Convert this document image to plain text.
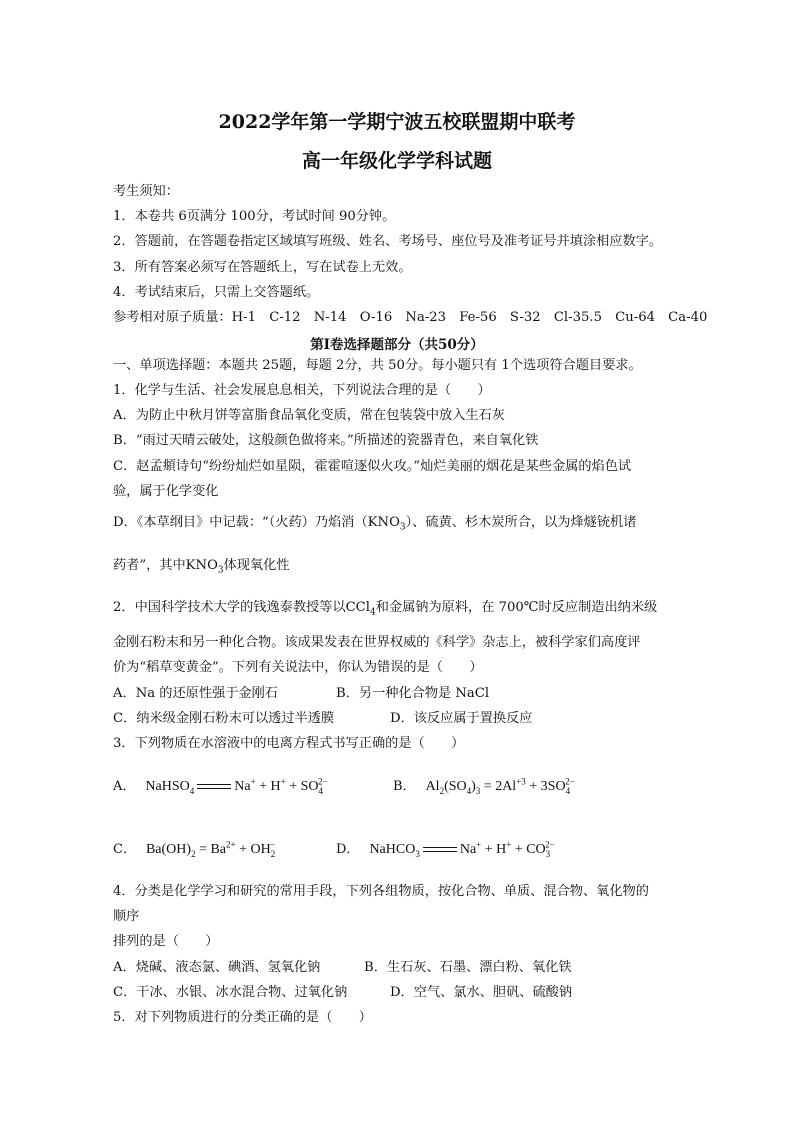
2022学年第一学期宁波五校联盟期中联考
高一年级化学学科试题
考生须知：
1．本卷共 6页满分 100分，考试时间 90分钟。
2．答题前，在答题卷指定区域填写班级、姓名、考场号、座位号及准考证号并填涂相应数字。
3．所有答案必须写在答题纸上，写在试卷上无效。
4．考试结束后，只需上交答题纸。
参考相对原子质量：H-1　C-12　N-14　O-16　Na-23　Fe-56　S-32　Cl-35.5　Cu-64　Ca-40
第Ⅰ卷选择题部分（共50分）
一、单项选择题：本题共 25题，每题 2分，共 50分。每小题只有 1个选项符合题目要求。
1．化学与生活、社会发展息息相关，下列说法合理的是（　　）
A．为防止中秋月饼等富脂食品氧化变质，常在包装袋中放入生石灰
B．“雨过天晴云破处，这般颜色做将来。”所描述的瓷器青色，来自氧化铁
C．赵孟頫诗句“纷纷灿烂如星陨，霍霍喧逐似火攻。”灿烂美丽的烟花是某些金属的焰色试
验，属于化学变化
D．《本草纲目》中记载：“（火药）乃焰消$(KNO_3)$、硫黄、杉木炭所合，以为烽燧铳机诸
药者”，其中$KNO_3$体现氧化性
2．中国科学技术大学的钱逸泰教授等以CCl$_4$和金属钠为原料，在 700℃时反应制造出纳米级
金刚石粉末和另一种化合物。该成果发表在世界权威的《科学》杂志上，被科学家们高度评
价为“稻草变黄金”。下列有关说法中，你认为错误的是（　　）
A．Na 的还原性强于金刚石	B．另一种化合物是 NaCl
C．纳米级金刚石粉末可以透过半透膜	D．该反应属于置换反应
3．下列物质在水溶液中的电离方程式书写正确的是（　　）
A． NaHSO$_4$	$Na^+ + H^+ + SO_4^{2-}$	B． $Al_2(SO_4)_3 = 2Al^{+3} + 3SO_4^{2-}$
C． $Ba(OH)_2 = Ba^{2+} + OH_2^-$	D． NaHCO$_3$	$Na^+ + H^+ + CO_3^{2-}$
4．分类是化学学习和研究的常用手段，下列各组物质，按化合物、单质、混合物、氧化物的
顺序
排列的是（　　）
A．烧碱、液态氯、碘酒、氢氧化钠	B．生石灰、石墨、漂白粉、氧化铁
C．干冰、水银、冰水混合物、过氧化钠	D．空气、氯水、胆矾、硫酸钠
5．对下列物质进行的分类正确的是（　　）
